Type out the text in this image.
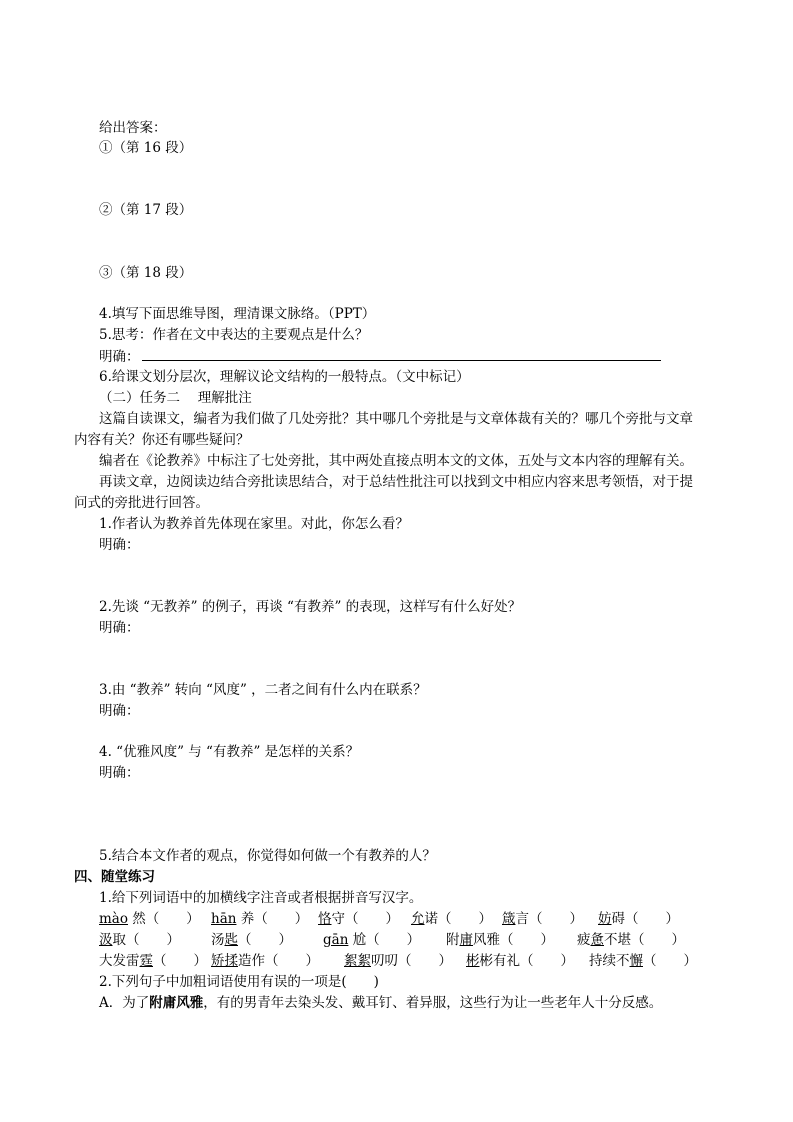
给出答案：
①（第 16 段）
②（第 17 段）
③（第 18 段）
4.填写下面思维导图，理清课文脉络。（PPT）
5.思考：作者在文中表达的主要观点是什么？
明确：
6.给课文划分层次，理解议论文结构的一般特点。（文中标记）
（二）任务二　 理解批注
这篇自读课文，编者为我们做了几处旁批？其中哪几个旁批是与文章体裁有关的？哪几个旁批与文章
内容有关？你还有哪些疑问？
编者在《论教养》中标注了七处旁批，其中两处直接点明本文的文体，五处与文本内容的理解有关。
再读文章，边阅读边结合旁批读思结合，对于总结性批注可以找到文中相应内容来思考领悟，对于提
问式的旁批进行回答。
1.作者认为教养首先体现在家里。对此，你怎么看？
明确：
2.先谈 “无教养” 的例子，再谈 “有教养” 的表现，这样写有什么好处？
明确：
3.由 “教养” 转向 “风度” ，二者之间有什么内在联系？
明确：
4. “优雅风度” 与 “有教养” 是怎样的关系？
明确：
5.结合本文作者的观点，你觉得如何做一个有教养的人？
四、随堂练习
1.给下列词语中的加横线字注音或者根据拼音写汉字。
mào 然（　　） hān 养（　　） 恪守（　　） 允诺（　　） 箴言（　　） 妨碍（　　）
汲取（　　） 汤匙（　　） gān 尬（　　） 附庸风雅（　　） 疲惫不堪（　　）
大发雷霆（　　） 矫揉造作（　　） 絮絮叨叨（　　） 彬彬有礼（　　） 持续不懈（　　）
2.下列句子中加粗词语使用有误的一项是(　　)
A．为了附庸风雅，有的男青年去染头发、戴耳钉、着异服，这些行为让一些老年人十分反感。
